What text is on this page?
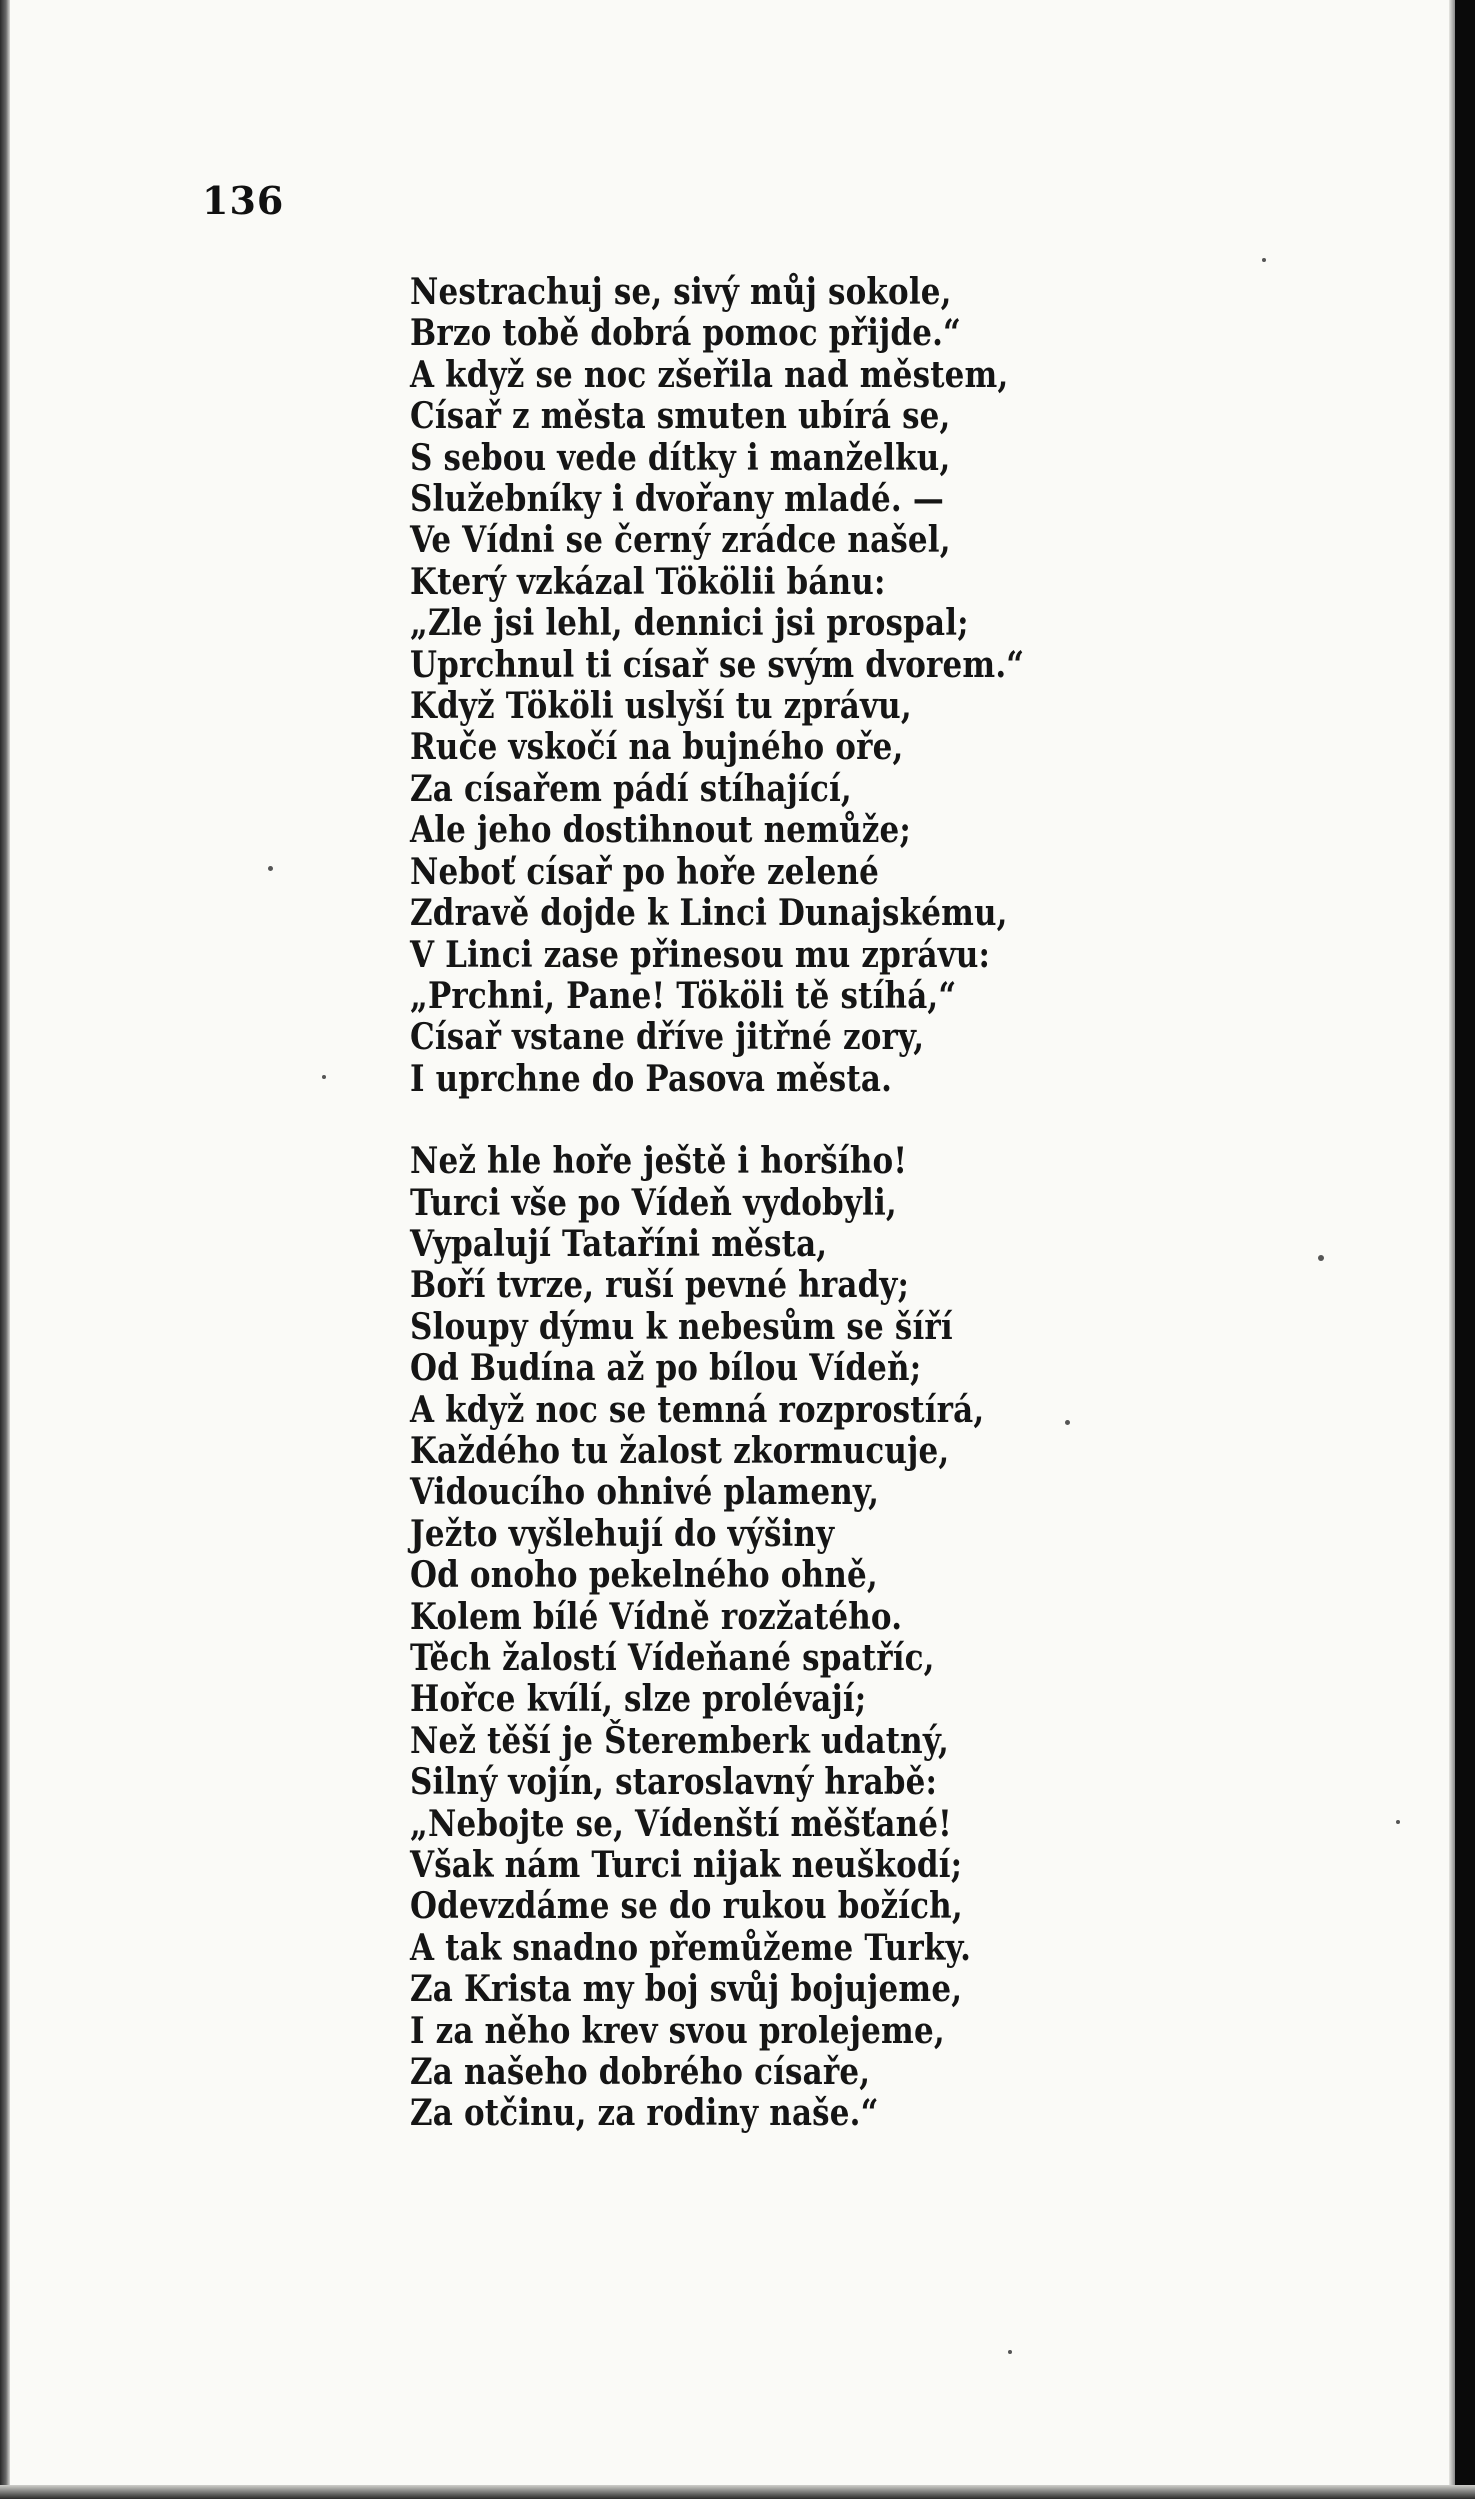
136
Nestrachuj se, sivý můj sokole,
Brzo tobě dobrá pomoc přijde.“
A když se noc zšeřila nad městem,
Císař z města smuten ubírá se,
S sebou vede dítky i manželku,
Služebníky i dvořany mladé. —
Ve Vídni se černý zrádce našel,
Který vzkázal Tökölii bánu:
„Zle jsi lehl, dennici jsi prospal;
Uprchnul ti císař se svým dvorem.“
Když Tököli uslyší tu zprávu,
Ruče vskočí na bujného oře,
Za císařem pádí stíhající,
Ale jeho dostihnout nemůže;
Neboť císař po hoře zelené
Zdravě dojde k Linci Dunajskému,
V Linci zase přinesou mu zprávu:
„Prchni, Pane! Tököli tě stíhá,“
Císař vstane dříve jitřné zory,
I uprchne do Pasova města.
Než hle hoře ještě i horšího!
Turci vše po Vídeň vydobyli,
Vypalují Tataříni města,
Boří tvrze, ruší pevné hrady;
Sloupy dýmu k nebesům se šíří
Od Budína až po bílou Vídeň;
A když noc se temná rozprostírá,
Každého tu žalost zkormucuje,
Vidoucího ohnivé plameny,
Ježto vyšlehují do výšiny
Od onoho pekelného ohně,
Kolem bílé Vídně rozžatého.
Těch žalostí Vídeňané spatříc,
Hořce kvílí, slze prolévají;
Než těší je Šteremberk udatný,
Silný vojín, staroslavný hrabě:
„Nebojte se, Vídenští měšťané!
Však nám Turci nijak neuškodí;
Odevzdáme se do rukou božích,
A tak snadno přemůžeme Turky.
Za Krista my boj svůj bojujeme,
I za něho krev svou prolejeme,
Za našeho dobrého císaře,
Za otčinu, za rodiny naše.“
